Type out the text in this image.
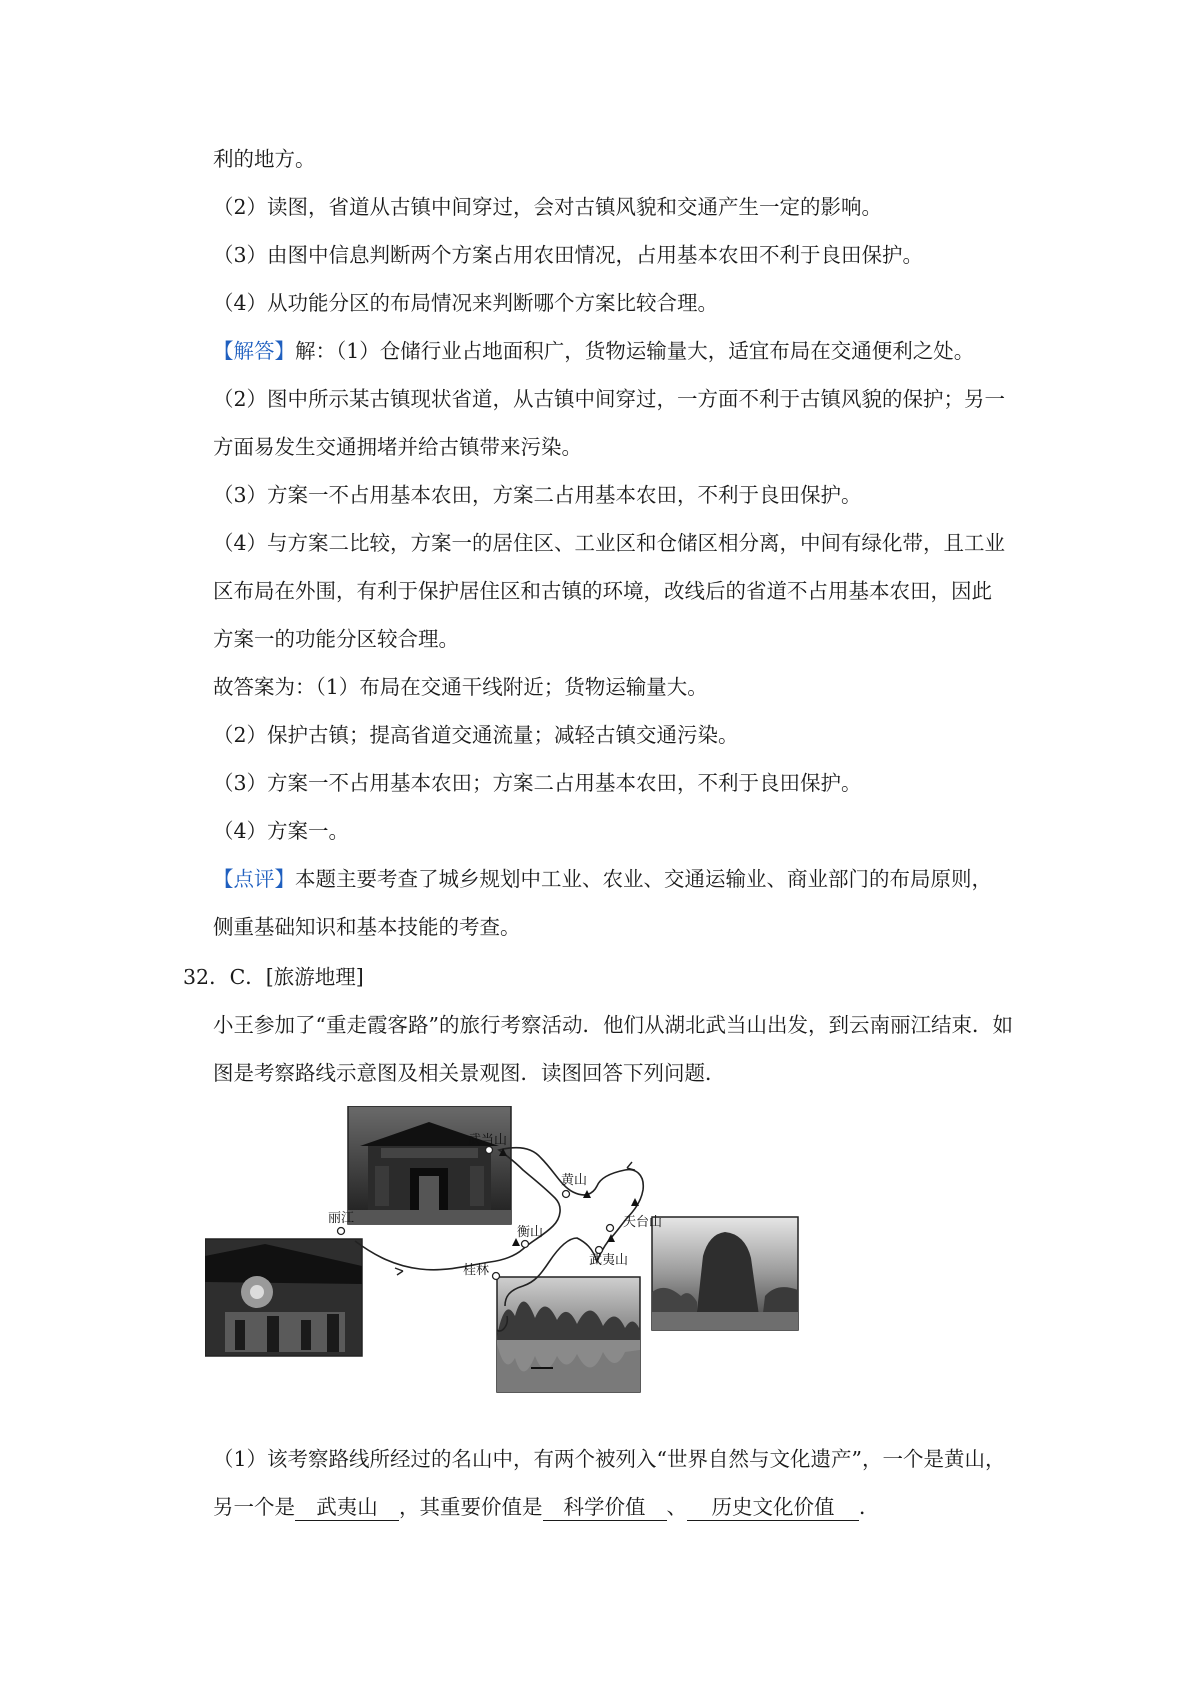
利的地方。
（2）读图，省道从古镇中间穿过，会对古镇风貌和交通产生一定的影响。
（3）由图中信息判断两个方案占用农田情况，占用基本农田不利于良田保护。
（4）从功能分区的布局情况来判断哪个方案比较合理。
【解答】解：（1）仓储行业占地面积广，货物运输量大，适宜布局在交通便利之处。
（2）图中所示某古镇现状省道，从古镇中间穿过，一方面不利于古镇风貌的保护；另一
方面易发生交通拥堵并给古镇带来污染。
（3）方案一不占用基本农田，方案二占用基本农田，不利于良田保护。
（4）与方案二比较，方案一的居住区、工业区和仓储区相分离，中间有绿化带，且工业
区布局在外围，有利于保护居住区和古镇的环境，改线后的省道不占用基本农田，因此
方案一的功能分区较合理。
故答案为：（1）布局在交通干线附近；货物运输量大。
（2）保护古镇；提高省道交通流量；减轻古镇交通污染。
（3）方案一不占用基本农田；方案二占用基本农田，不利于良田保护。
（4）方案一。
【点评】本题主要考查了城乡规划中工业、农业、交通运输业、商业部门的布局原则，
侧重基础知识和基本技能的考查。
32．C．[旅游地理]
小王参加了“重走霞客路”的旅行考察活动．他们从湖北武当山出发，到云南丽江结束．如
图是考察路线示意图及相关景观图．读图回答下列问题．
武当山
黄山
天台山
衡山
武夷山
桂林
丽江
（1）该考察路线所经过的名山中，有两个被列入“世界自然与文化遗产”，一个是黄山，
另一个是 武夷山 ，其重要价值是 科学价值 、 历史文化价值 ．
